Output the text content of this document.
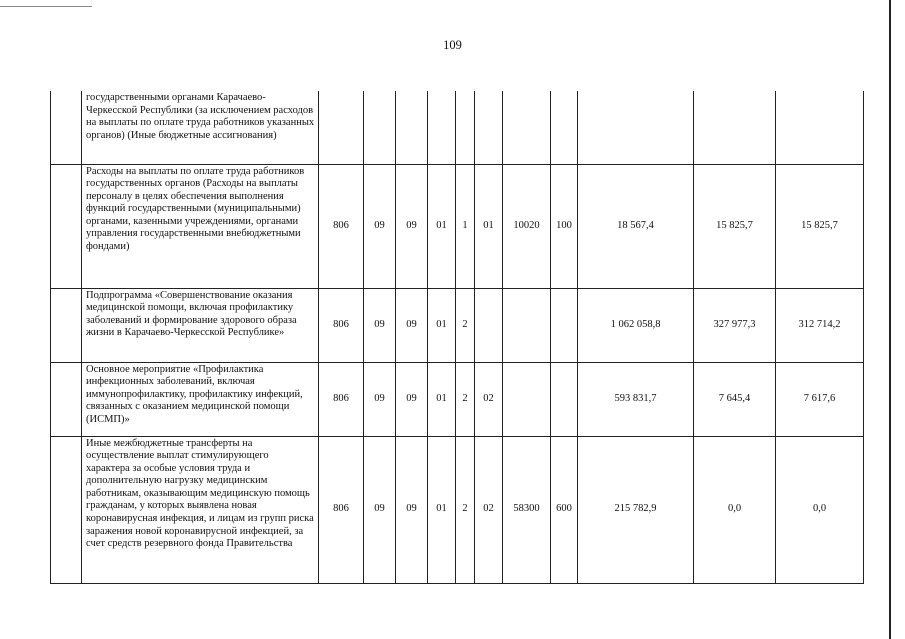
109
	государственными органами Карачаево-Черкесской Республики (за исключением расходов на выплаты по оплате труда работников указанных органов) (Иные бюджетные ассигнования)											
	Расходы на выплаты по оплате труда работников государственных органов (Расходы на выплаты персоналу в целях обеспечения выполнения функций государственными (муниципальными) органами, казенными учреждениями, органами управления государственными внебюджетными фондами)	806	09	09	01	1	01	10020	100	18 567,4	15 825,7	15 825,7
	Подпрограмма «Совершенствование оказания медицинской помощи, включая профилактику заболеваний и формирование здорового образа жизни в Карачаево-Черкесской Республике»	806	09	09	01	2				1 062 058,8	327 977,3	312 714,2
	Основное мероприятие «Профилактика инфекционных заболеваний, включая иммунопрофилактику, профилактику инфекций, связанных с оказанием медицинской помощи (ИСМП)»	806	09	09	01	2	02			593 831,7	7 645,4	7 617,6
	Иные межбюджетные трансферты на осуществление выплат стимулирующего характера за особые условия труда и дополнительную нагрузку медицинским работникам, оказывающим медицинскую помощь гражданам, у которых выявлена новая коронавирусная инфекция, и лицам из групп риска заражения новой коронавирусной инфекцией, за счет средств резервного фонда Правительства	806	09	09	01	2	02	58300	600	215 782,9	0,0	0,0
